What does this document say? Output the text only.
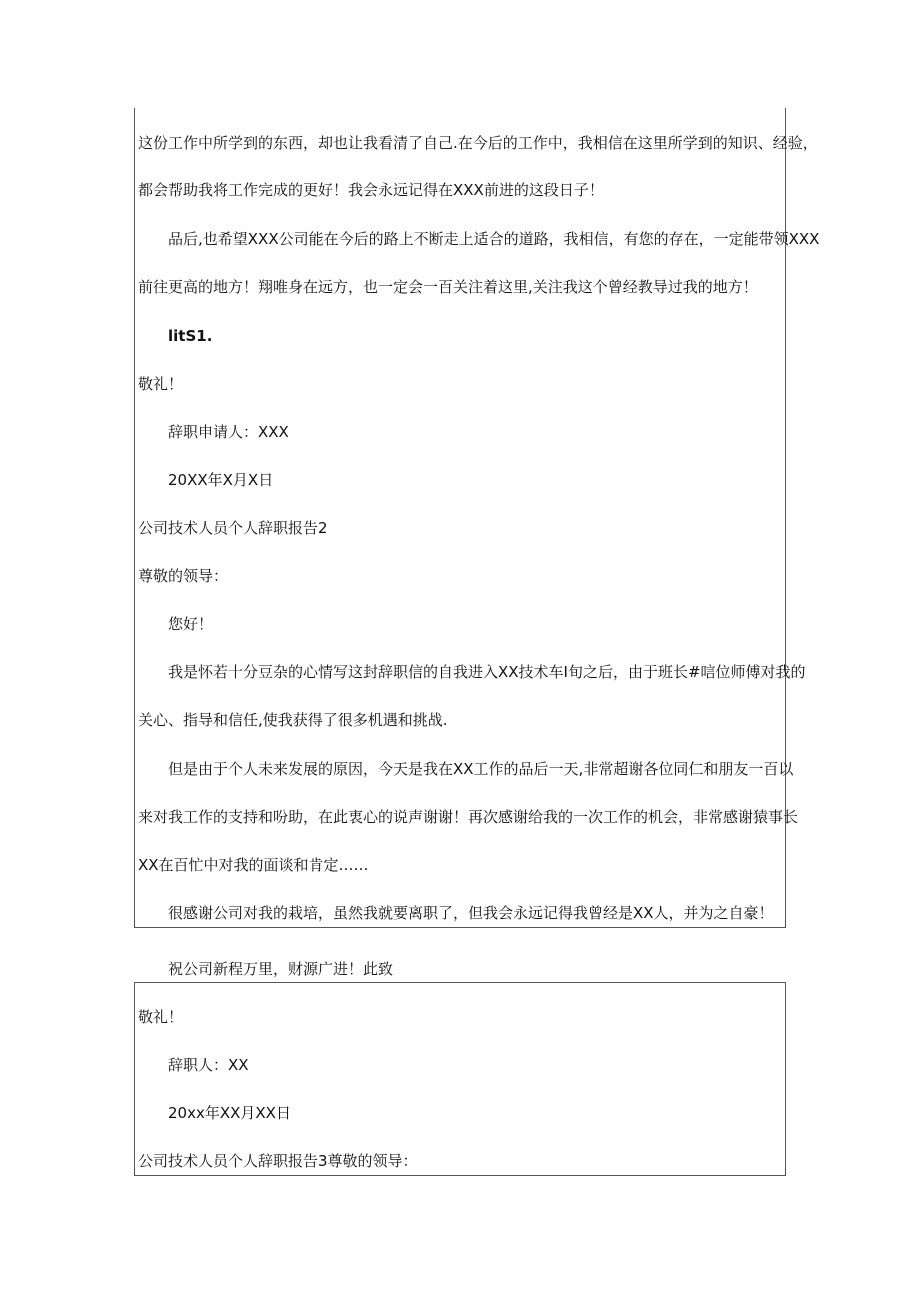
这份工作中所学到的东西，却也让我看清了自己.在今后的工作中，我相信在这里所学到的知识、经验，
都会帮助我将工作完成的更好！我会永远记得在XXX前进的这段日子！
品后,也希望XXX公司能在今后的路上不断走上适合的道路，我相信，有您的存在，一定能带领XXX
前往更高的地方！翔唯身在远方，也一定会一百关注着这里,关注我这个曾经教导过我的地方！
litS1.
敬礼！
辞职申请人：XXX
20XX年X月X日
公司技术人员个人辞职报告2
尊敬的领导：
您好！
我是怀若十分豆杂的心情写这封辞职信的自我进入XX技术车I旬之后，由于班长#唁位师傅对我的
关心、指导和信任,使我获得了很多机遇和挑战.
但是由于个人未来发展的原因，今天是我在XX工作的品后一天,非常超谢各位同仁和朋友一百以
来对我工作的支持和吩助，在此衷心的说声谢谢！再次感谢给我的一次工作的机会，非常感谢猿事长
XX在百忙中对我的面谈和肯定……
很感谢公司对我的栽培，虽然我就要离职了，但我会永远记得我曾经是XX人，并为之自豪！
祝公司新程万里，财源广进！此致
敬礼！
辞职人：XX
20xx年XX月XX日
公司技术人员个人辞职报告3尊敬的领导：
